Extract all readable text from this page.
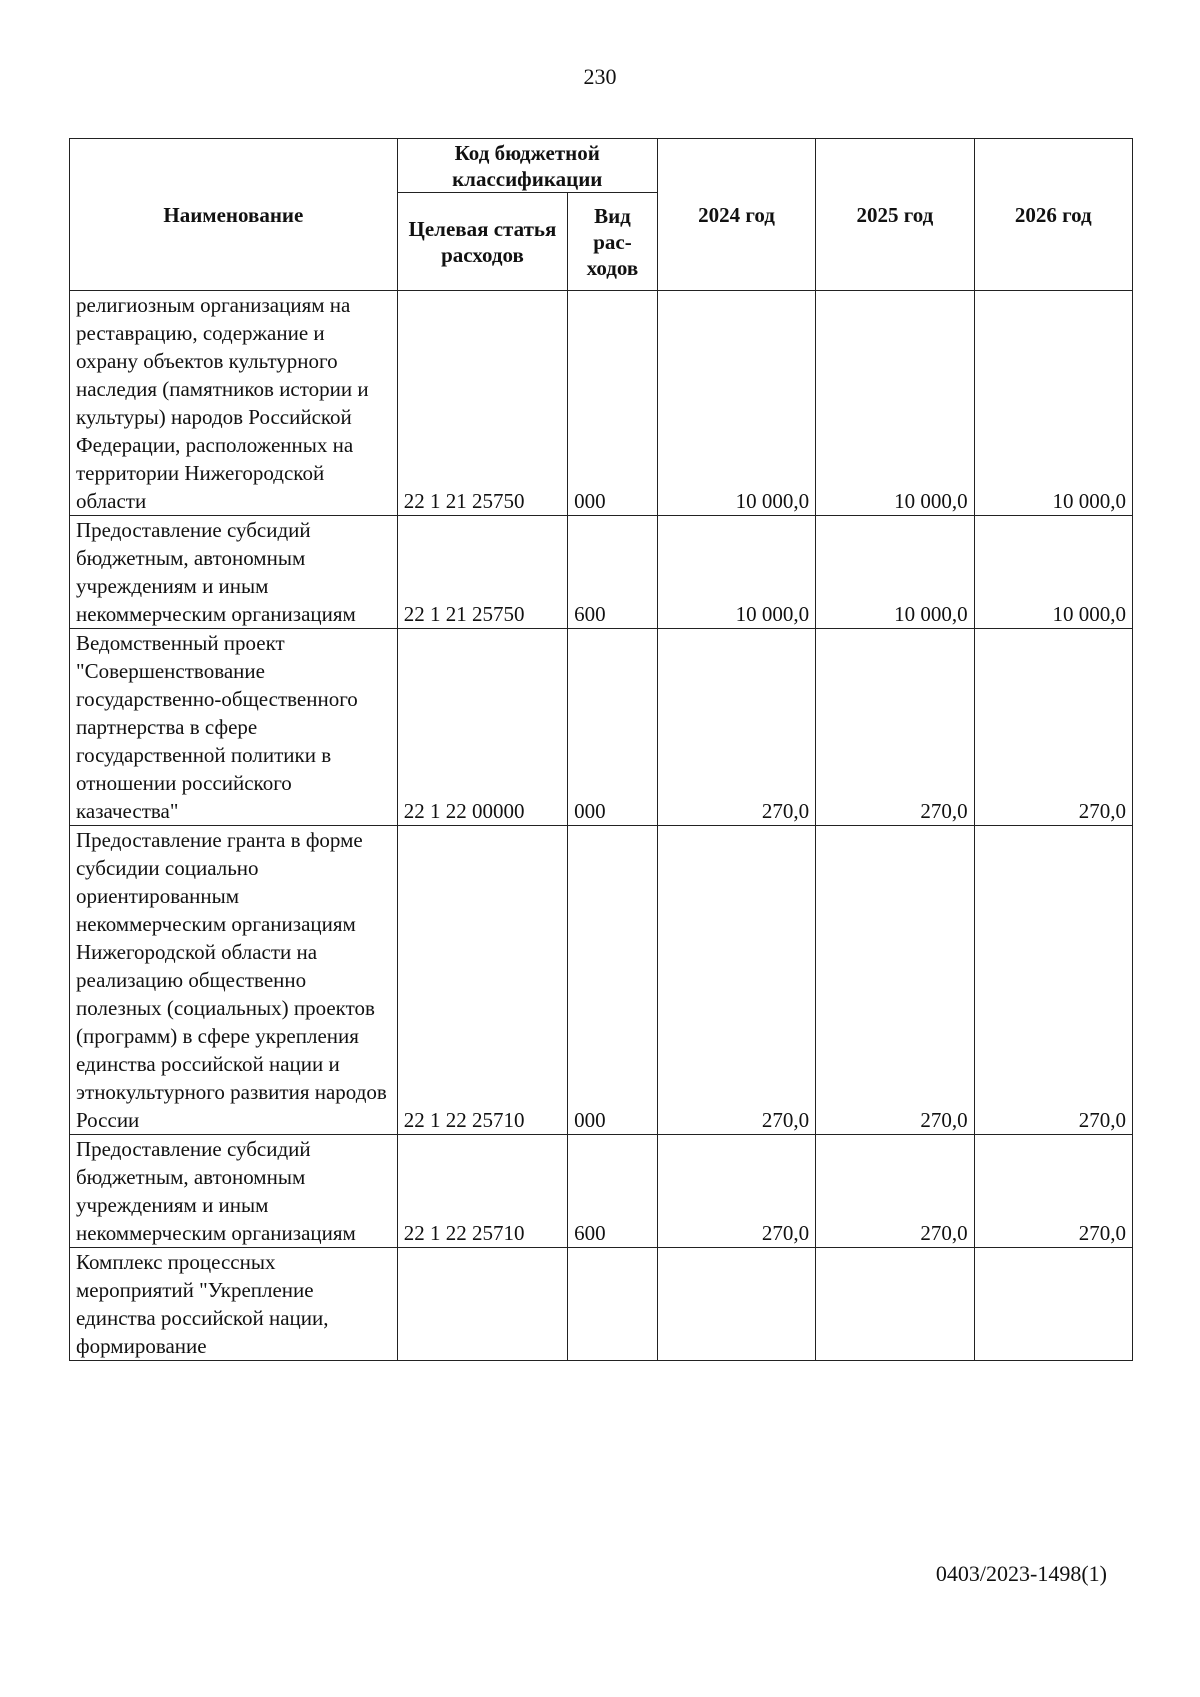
230
Наименование	Код бюджетной классификации		2024 год	2025 год	2026 год
	Целевая статья расходов	Вид рас-ходов			
религиозным организациям на реставрацию, содержание и охрану объектов культурного наследия (памятников истории и культуры) народов Российской Федерации, расположенных на территории Нижегородской области	22 1 21 25750	000	10 000,0	10 000,0	10 000,0
Предоставление субсидий бюджетным, автономным учреждениям и иным некоммерческим организациям	22 1 21 25750	600	10 000,0	10 000,0	10 000,0
Ведомственный проект "Совершенствование государственно-общественного партнерства в сфере государственной политики в отношении российского казачества"	22 1 22 00000	000	270,0	270,0	270,0
Предоставление гранта в форме субсидии социально ориентированным некоммерческим организациям Нижегородской области на реализацию общественно полезных (социальных) проектов (программ) в сфере укрепления единства российской нации и этнокультурного развития народов России	22 1 22 25710	000	270,0	270,0	270,0
Предоставление субсидий бюджетным, автономным учреждениям и иным некоммерческим организациям	22 1 22 25710	600	270,0	270,0	270,0
Комплекс процессных мероприятий "Укрепление единства российской нации, формирование					
0403/2023-1498(1)
